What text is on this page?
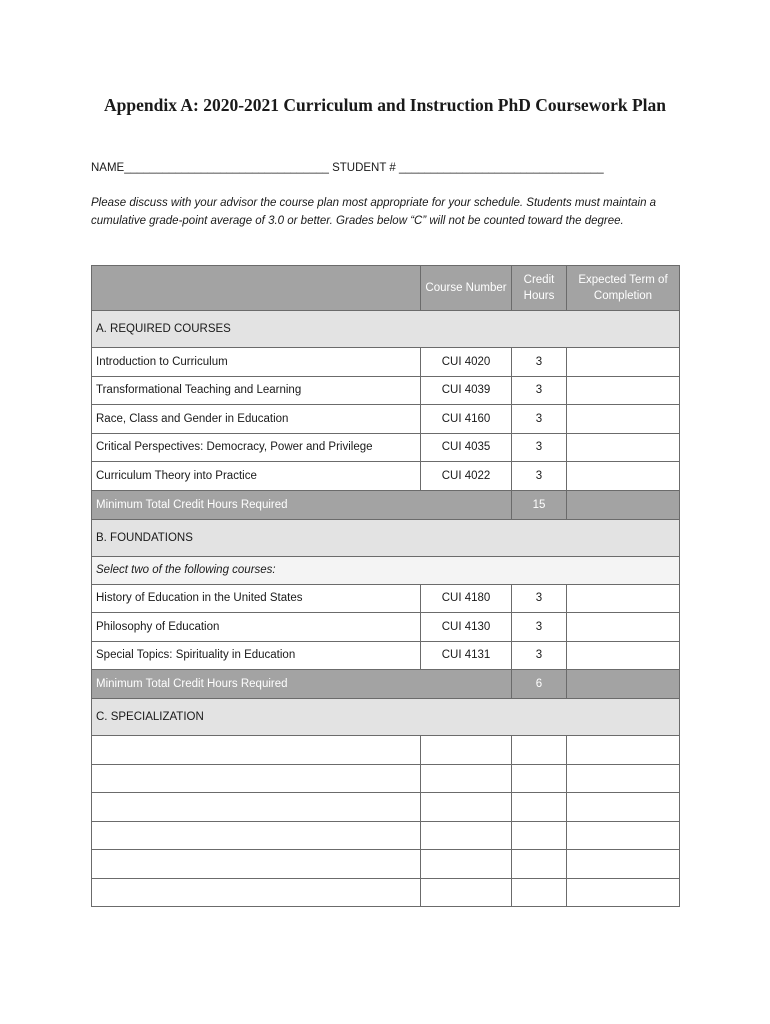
Appendix A: 2020-2021 Curriculum and Instruction PhD Coursework Plan
NAME________________________________ STUDENT # ________________________________

Please discuss with your advisor the course plan most appropriate for your schedule. Students must maintain a cumulative grade-point average of 3.0 or better. Grades below “C” will not be counted toward the degree.

	Course Number	Credit Hours	Expected Term of Completion
A. REQUIRED COURSES			
Introduction to Curriculum	CUI 4020	3	
Transformational Teaching and Learning	CUI 4039	3	
Race, Class and Gender in Education	CUI 4160	3	
Critical Perspectives: Democracy, Power and Privilege	CUI 4035	3	
Curriculum Theory into Practice	CUI 4022	3	
Minimum Total Credit Hours Required		15	
B. FOUNDATIONS			
Select two of the following courses:			
History of Education in the United States	CUI 4180	3	
Philosophy of Education	CUI 4130	3	
Special Topics: Spirituality in Education	CUI 4131	3	
Minimum Total Credit Hours Required		6	
C. SPECIALIZATION			
